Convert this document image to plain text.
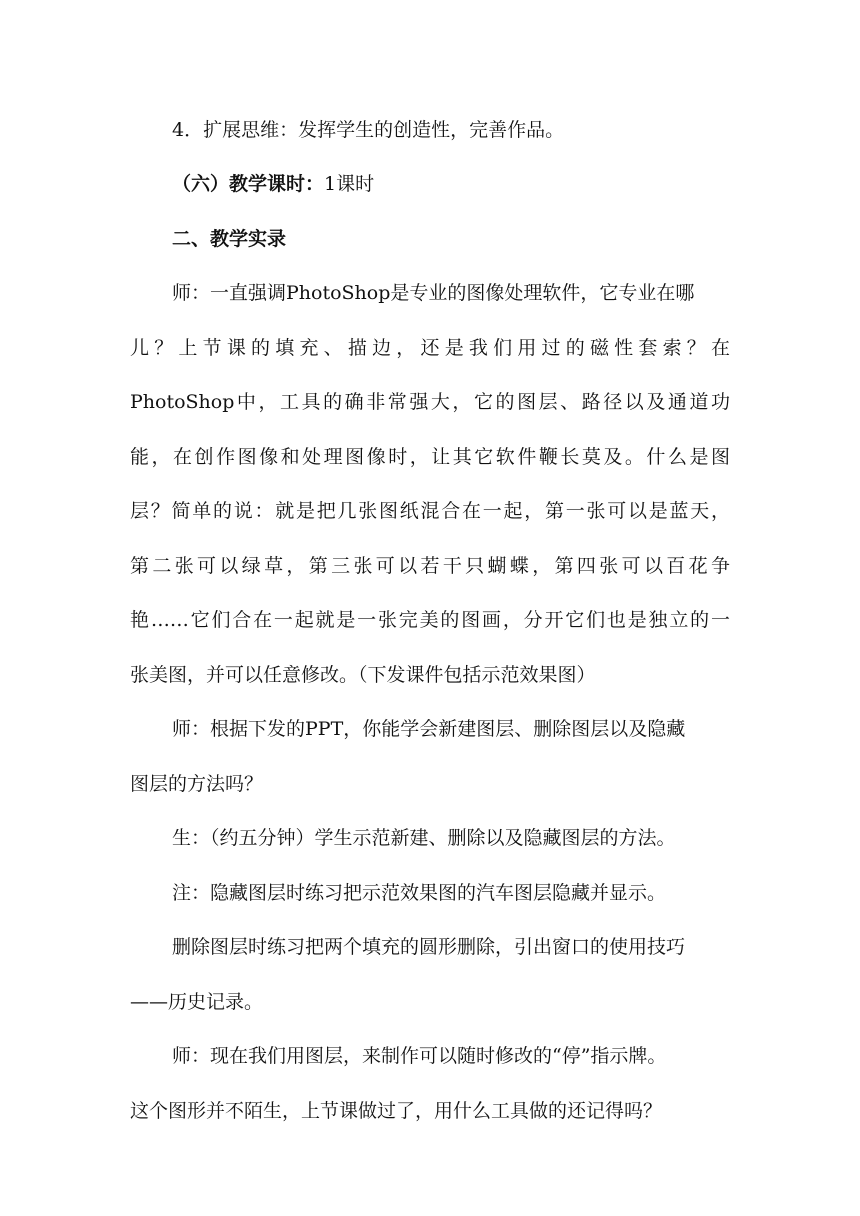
4．扩展思维：发挥学生的创造性，完善作品。
（六）教学课时：1课时
二、教学实录
师：一直强调PhotoShop是专业的图像处理软件，它专业在哪
儿？上节课的填充、描边，还是我们用过的磁性套索？在
PhotoShop中，工具的确非常强大，它的图层、路径以及通道功
能，在创作图像和处理图像时，让其它软件鞭长莫及。什么是图
层？简单的说：就是把几张图纸混合在一起，第一张可以是蓝天，
第二张可以绿草，第三张可以若干只蝴蝶，第四张可以百花争
艳……它们合在一起就是一张完美的图画，分开它们也是独立的一
张美图，并可以任意修改。（下发课件包括示范效果图）
师：根据下发的PPT，你能学会新建图层、删除图层以及隐藏
图层的方法吗？
生：（约五分钟）学生示范新建、删除以及隐藏图层的方法。
注：隐藏图层时练习把示范效果图的汽车图层隐藏并显示。
删除图层时练习把两个填充的圆形删除，引出窗口的使用技巧
——历史记录。
师：现在我们用图层，来制作可以随时修改的“停”指示牌。
这个图形并不陌生，上节课做过了，用什么工具做的还记得吗？
